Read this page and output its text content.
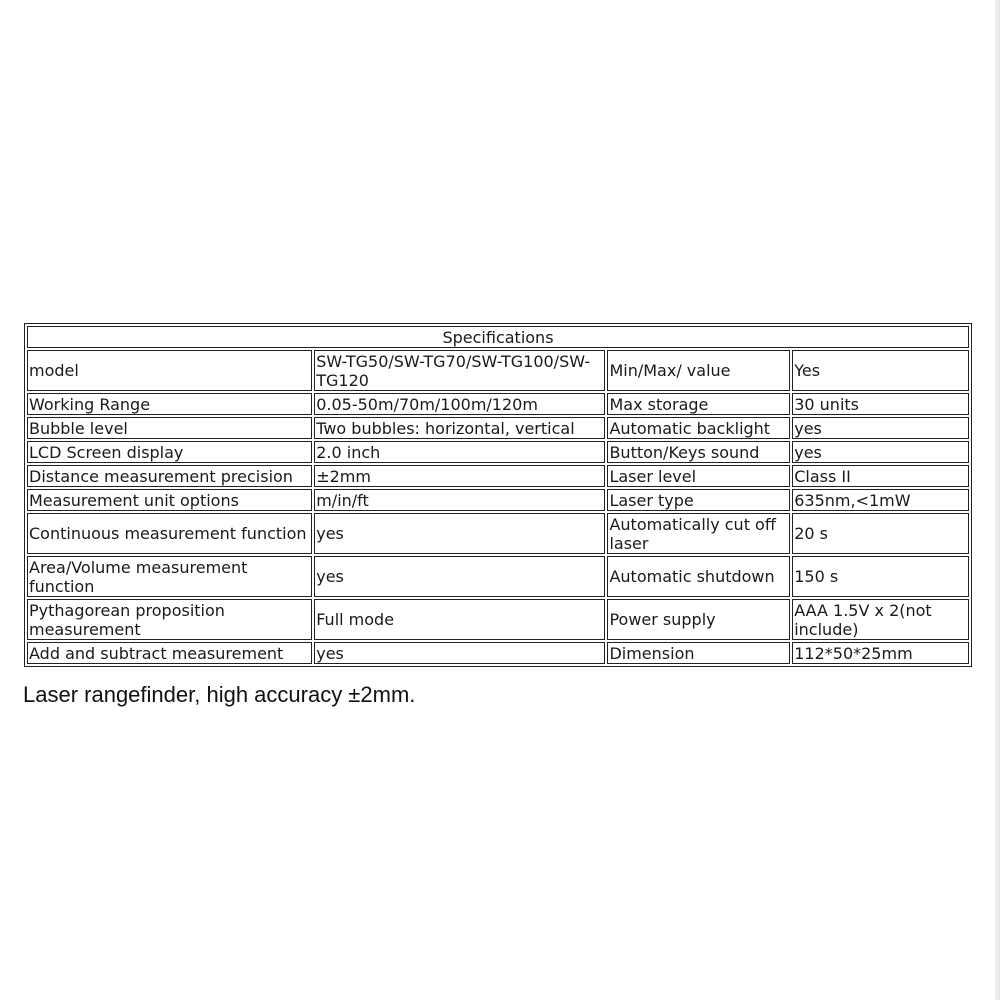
Specifications			
model	SW-TG50/SW-TG70/SW-TG100/SW-TG120	Min/Max/ value	Yes
Working Range	0.05-50m/70m/100m/120m	Max storage	30 units
Bubble level	Two bubbles: horizontal, vertical	Automatic backlight	yes
LCD Screen display	2.0 inch	Button/Keys sound	yes
Distance measurement precision	±2mm	Laser level	Class II
Measurement unit options	m/in/ft	Laser type	635nm,<1mW
Continuous measurement function	yes	Automatically cut off laser	20 s
Area/Volume measurement function	yes	Automatic shutdown	150 s
Pythagorean proposition measurement	Full mode	Power supply	AAA 1.5V x 2(not include)
Add and subtract measurement	yes	Dimension	112*50*25mm
Laser rangefinder, high accuracy ±2mm.
